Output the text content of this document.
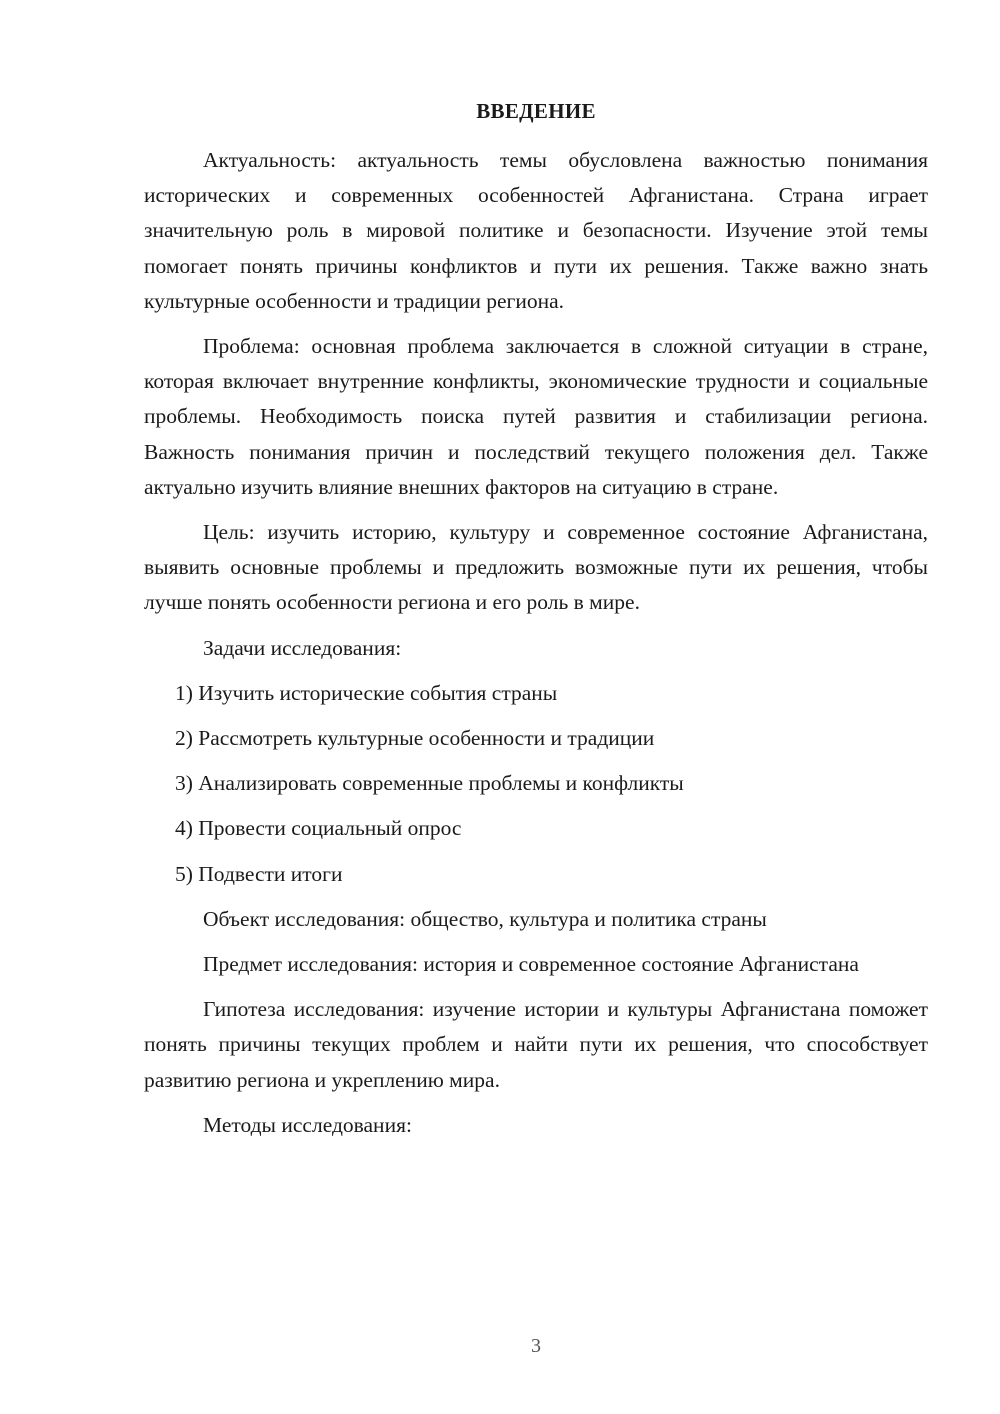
ВВЕДЕНИЕ

Актуальность: актуальность темы обусловлена важностью понимания исторических и современных особенностей Афганистана. Страна играет значительную роль в мировой политике и безопасности. Изучение этой темы помогает понять причины конфликтов и пути их решения. Также важно знать культурные особенности и традиции региона.

Проблема: основная проблема заключается в сложной ситуации в стране, которая включает внутренние конфликты, экономические трудности и социальные проблемы. Необходимость поиска путей развития и стабилизации региона. Важность понимания причин и последствий текущего положения дел. Также актуально изучить влияние внешних факторов на ситуацию в стране.

Цель: изучить историю, культуру и современное состояние Афганистана, выявить основные проблемы и предложить возможные пути их решения, чтобы лучше понять особенности региона и его роль в мире.

Задачи исследования:

1) Изучить исторические события страны

2) Рассмотреть культурные особенности и традиции

3) Анализировать современные проблемы и конфликты

4) Провести социальный опрос

5) Подвести итоги

Объект исследования: общество, культура и политика страны

Предмет исследования: история и современное состояние Афганистана

Гипотеза исследования: изучение истории и культуры Афганистана поможет понять причины текущих проблем и найти пути их решения, что способствует развитию региона и укреплению мира.

Методы исследования:

3
